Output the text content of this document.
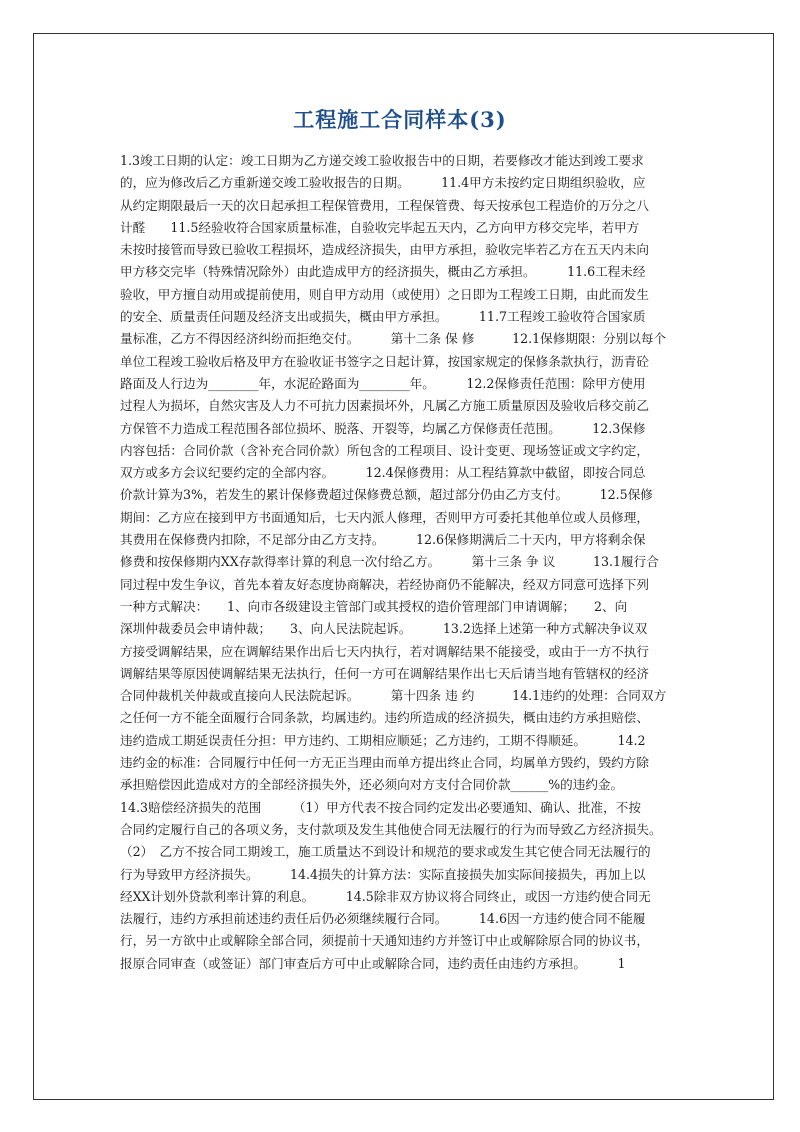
工程施工合同样本(3)
1.3竣工日期的认定：竣工日期为乙方递交竣工验收报告中的日期，若要修改才能达到竣工要求
的，应为修改后乙方重新递交竣工验收报告的日期。　　　11.4甲方未按约定日期组织验收，应
从约定期限最后一天的次日起承担工程保管费用，工程保管费、每天按承包工程造价的万分之八
计醛　　11.5经验收符合国家质量标准，自验收完毕起五天内，乙方向甲方移交完毕，若甲方
未按时接管而导致已验收工程损坏，造成经济损失，由甲方承担，验收完毕若乙方在五天内未向
甲方移交完毕（特殊情况除外）由此造成甲方的经济损失，概由乙方承担。　　　11.6工程未经
验收，甲方擅自动用或提前使用，则自甲方动用（或使用）之日即为工程竣工日期，由此而发生
的安全、质量责任问题及经济支出或损失，概由甲方承担。　　　11.7工程竣工验收符合国家质
量标准，乙方不得因经济纠纷而拒绝交付。　　　第十二条 保 修　　　12.1保修期限：分别以每个
单位工程竣工验收后格及甲方在验收证书签字之日起计算，按国家规定的保修条款执行，沥青砼
路面及人行边为________年，水泥砼路面为________年。　　　12.2保修责任范围：除甲方使用
过程人为损坏，自然灾害及人力不可抗力因素损坏外，凡属乙方施工质量原因及验收后移交前乙
方保管不力造成工程范围各部位损坏、脱落、开裂等，均属乙方保修责任范围。　　　12.3保修
内容包括：合同价款（含补充合同价款）所包含的工程项目、设计变更、现场签证或文字约定，
双方或多方会议纪要约定的全部内容。　　　12.4保修费用：从工程结算款中截留，即按合同总
价款计算为3%，若发生的累计保修费超过保修费总额，超过部分仍由乙方支付。　　　12.5保修
期间：乙方应在接到甲方书面通知后，七天内派人修理，否则甲方可委托其他单位或人员修理，
其费用在保修费内扣除，不足部分由乙方支持。　　　12.6保修期满后二十天内，甲方将剩余保
修费和按保修期内XX存款得率计算的利息一次付给乙方。　　　第十三条 争 议　　　13.1履行合
同过程中发生争议，首先本着友好态度协商解决，若经协商仍不能解决，经双方同意可选择下列
一种方式解决：　　1、向市各级建设主管部门或其授权的造价管理部门申请调解；　　2、向
深圳仲裁委员会申请仲裁；　　3、向人民法院起诉。　　　13.2选择上述第一种方式解决争议双
方接受调解结果，应在调解结果作出后七天内执行，若对调解结果不能接受，或由于一方不执行
调解结果等原因使调解结果无法执行，任何一方可在调解结果作出七天后请当地有管辖权的经济
合同仲裁机关仲裁或直接向人民法院起诉。　　　第十四条 违 约　　　14.1违约的处理：合同双方
之任何一方不能全面履行合同条款，均属违约。违约所造成的经济损失，概由违约方承担赔偿、
违约造成工期延误责任分担：甲方违约、工期相应顺延；乙方违约，工期不得顺延。　　　14.2
违约金的标准：合同履行中任何一方无正当理由而单方提出终止合同，均属单方毁约，毁约方除
承担赔偿因此造成对方的全部经济损失外，还必须向对方支付合同价款______%的违约金。
14.3赔偿经济损失的范围　　　（1）甲方代表不按合同约定发出必要通知、确认、批准，不按
合同约定履行自己的各项义务，支付款项及发生其他使合同无法履行的行为而导致乙方经济损失。
（2）　乙方不按合同工期竣工，施工质量达不到设计和规范的要求或发生其它使合同无法履行的
行为导致甲方经济损失。　　　14.4损失的计算方法：实际直接损失加实际间接损失，再加上以
经XX计划外贷款利率计算的利息。　　　14.5除非双方协议将合同终止，或因一方违约使合同无
法履行，违约方承担前述违约责任后仍必须继续履行合同。　　　14.6因一方违约使合同不能履
行，另一方欲中止或解除全部合同，须提前十天通知违约方并签订中止或解除原合同的协议书，
报原合同审查（或签证）部门审查后方可中止或解除合同，违约责任由违约方承担。　　　1
